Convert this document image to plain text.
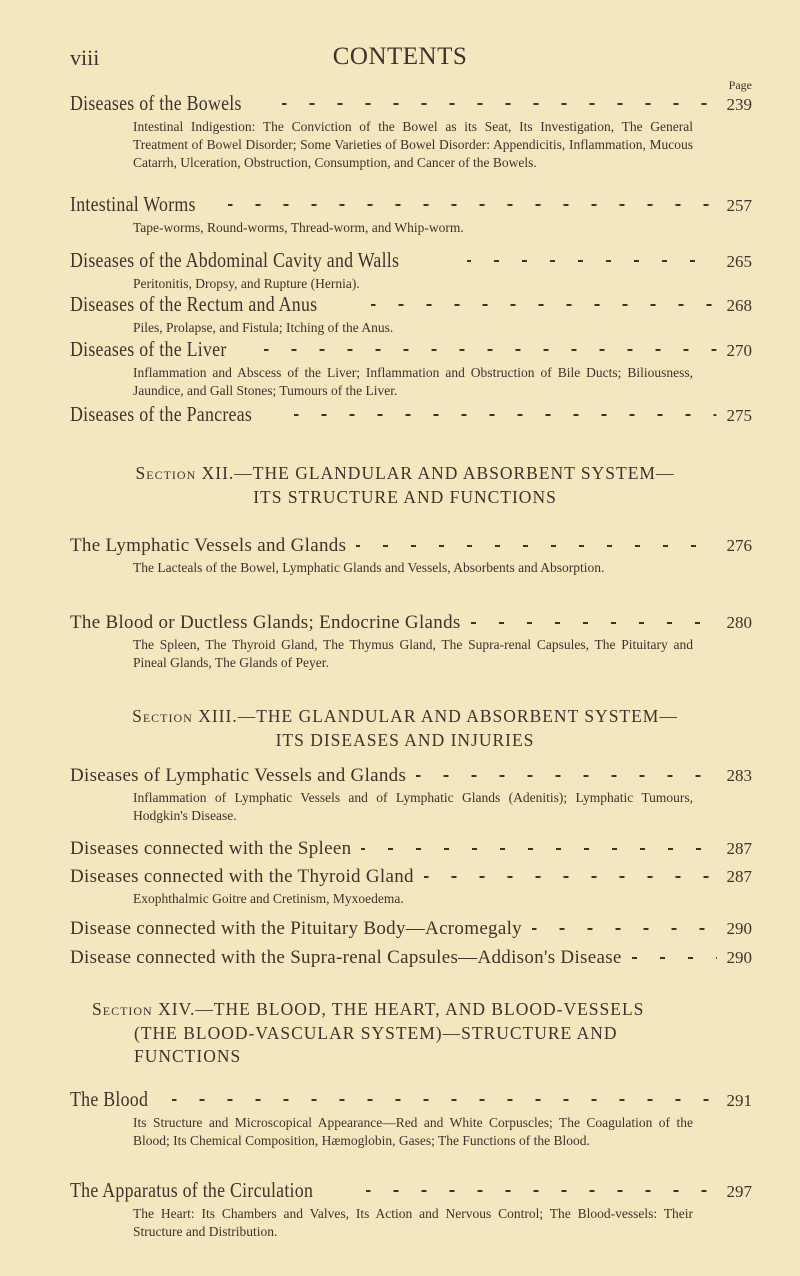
viii	CONTENTS
Page
Diseases of the Bowels	239
Intestinal Indigestion: The Conviction of the Bowel as its Seat, Its Investigation, The General Treatment of Bowel Disorder; Some Varieties of Bowel Disorder: Appendicitis, Inflammation, Mucous Catarrh, Ulceration, Obstruction, Consumption, and Cancer of the Bowels.
Intestinal Worms	257
Tape-worms, Round-worms, Thread-worm, and Whip-worm.
Diseases of the Abdominal Cavity and Walls	265
Peritonitis, Dropsy, and Rupture (Hernia).
Diseases of the Rectum and Anus	268
Piles, Prolapse, and Fistula; Itching of the Anus.
Diseases of the Liver	270
Inflammation and Abscess of the Liver; Inflammation and Obstruction of Bile Ducts; Biliousness, Jaundice, and Gall Stones; Tumours of the Liver.
Diseases of the Pancreas	275
The Lymphatic Vessels and Glands	276
The Lacteals of the Bowel, Lymphatic Glands and Vessels, Absorbents and Absorption.
The Blood or Ductless Glands; Endocrine Glands	280
The Spleen, The Thyroid Gland, The Thymus Gland, The Supra-renal Capsules, The Pituitary and Pineal Glands, The Glands of Peyer.
Diseases of Lymphatic Vessels and Glands	283
Inflammation of Lymphatic Vessels and of Lymphatic Glands (Adenitis); Lymphatic Tumours, Hodgkin's Disease.
Diseases connected with the Spleen	287
Diseases connected with the Thyroid Gland	287
Exophthalmic Goitre and Cretinism, Myxoedema.
Disease connected with the Pituitary Body—Acromegaly	290
Disease connected with the Supra-renal Capsules—Addison's Disease	290
The Blood	291
Its Structure and Microscopical Appearance—Red and White Corpuscles; The Coagulation of the Blood; Its Chemical Composition, Hæmoglobin, Gases; The Functions of the Blood.
The Apparatus of the Circulation	297
The Heart: Its Chambers and Valves, Its Action and Nervous Control; The Blood-vessels: Their Structure and Distribution.
Section XII.—THE GLANDULAR AND ABSORBENT SYSTEM—
ITS STRUCTURE AND FUNCTIONS
Section XIII.—THE GLANDULAR AND ABSORBENT SYSTEM—
ITS DISEASES AND INJURIES
Section XIV.—THE BLOOD, THE HEART, AND BLOOD-VESSELS
(THE BLOOD-VASCULAR SYSTEM)—STRUCTURE AND
FUNCTIONS
